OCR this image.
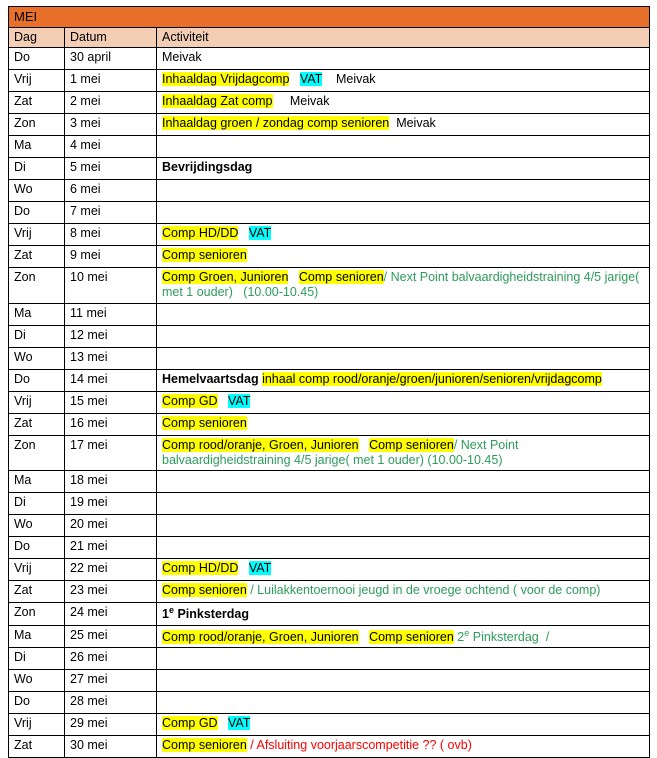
MEI		
Dag	Datum	Activiteit
Do	30 april	Meivak

Vrij	1 mei	Inhaaldag Vrijdagcomp VAT    Meivak

Zat	2 mei	Inhaaldag Zat comp     Meivak

Zon	3 mei	Inhaaldag groen / zondag comp senioren  Meivak

Ma	4 mei	

Di	5 mei	Bevrijdingsdag

Wo	6 mei	

Do	7 mei	

Vrij	8 mei	Comp HD/DD VAT

Zat	9 mei	Comp senioren

Zon	10 mei	Comp Groen, Junioren Comp senioren/ Next Point balvaardigheidstraining 4/5 jarige( met 1 ouder)   (10.00-10.45)

Ma	11 mei	

Di	12 mei	

Wo	13 mei	

Do	14 mei	Hemelvaartsdag inhaal comp rood/oranje/groen/junioren/senioren/vrijdagcomp

Vrij	15 mei	Comp GD VAT

Zat	16 mei	Comp senioren

Zon	17 mei	Comp rood/oranje, Groen, Junioren Comp senioren/ Next Point balvaardigheidstraining 4/5 jarige( met 1 ouder) (10.00-10.45)

Ma	18 mei	

Di	19 mei	

Wo	20 mei	

Do	21 mei	

Vrij	22 mei	Comp HD/DD VAT

Zat	23 mei	Comp senioren / Luilakkentoernooi jeugd in de vroege ochtend ( voor de comp)

Zon	24 mei	1e Pinksterdag

Ma	25 mei	Comp rood/oranje, Groen, Junioren Comp senioren 2e Pinksterdag  /

Di	26 mei	

Wo	27 mei	

Do	28 mei	

Vrij	29 mei	Comp GD VAT

Zat	30 mei	Comp senioren / Afsluiting voorjaarscompetitie ?? ( ovb)
